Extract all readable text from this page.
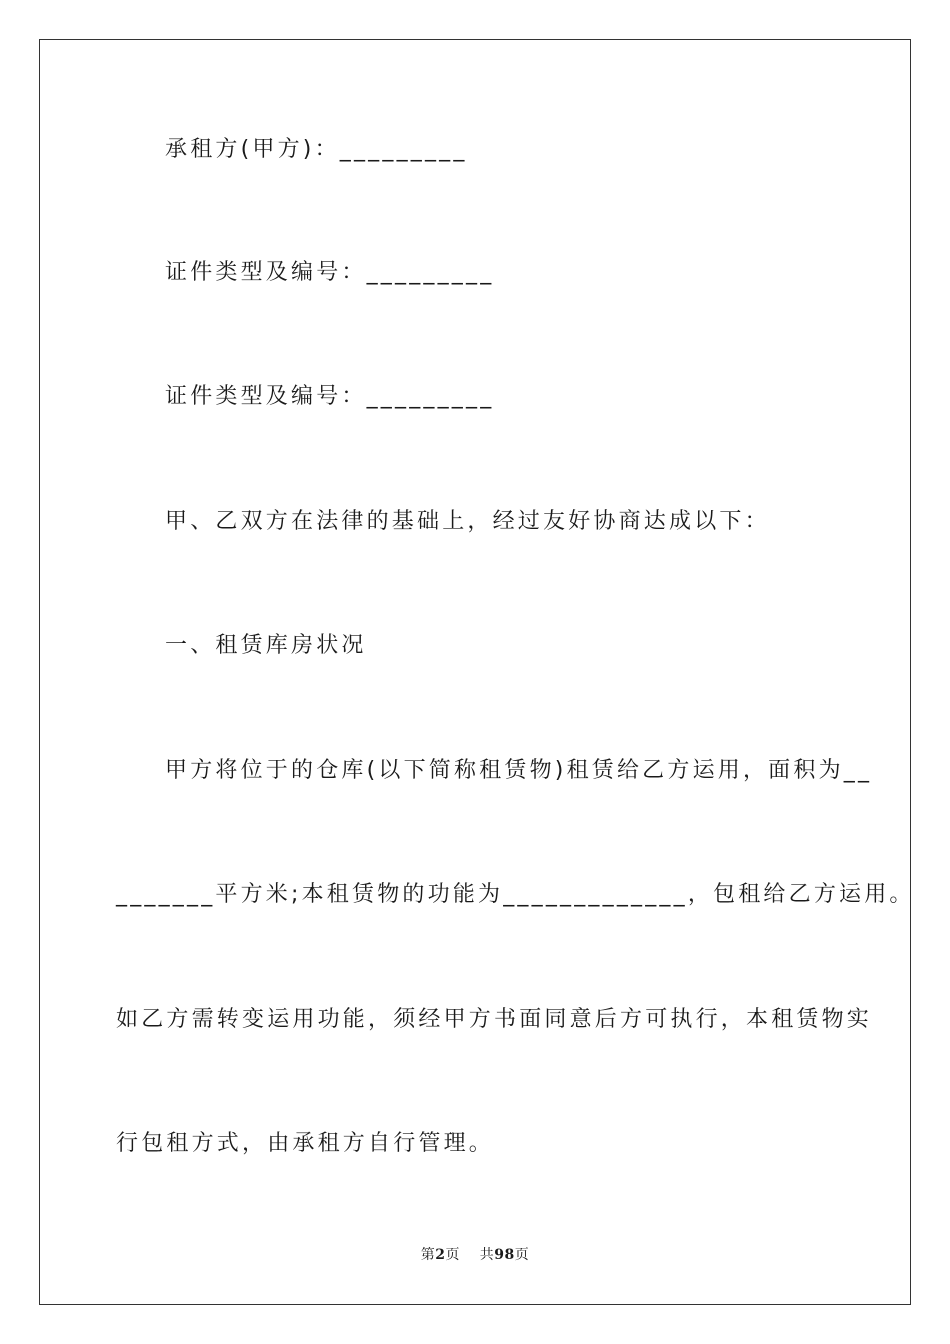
承租方(甲方)：_________
证件类型及编号：_________
证件类型及编号：_________
甲、乙双方在法律的基础上，经过友好协商达成以下：
一、租赁库房状况
甲方将位于的仓库(以下简称租赁物)租赁给乙方运用，面积为__
_______平方米;本租赁物的功能为_____________，包租给乙方运用。
如乙方需转变运用功能，须经甲方书面同意后方可执行，本租赁物实
行包租方式，由承租方自行管理。
第2页 共98页
